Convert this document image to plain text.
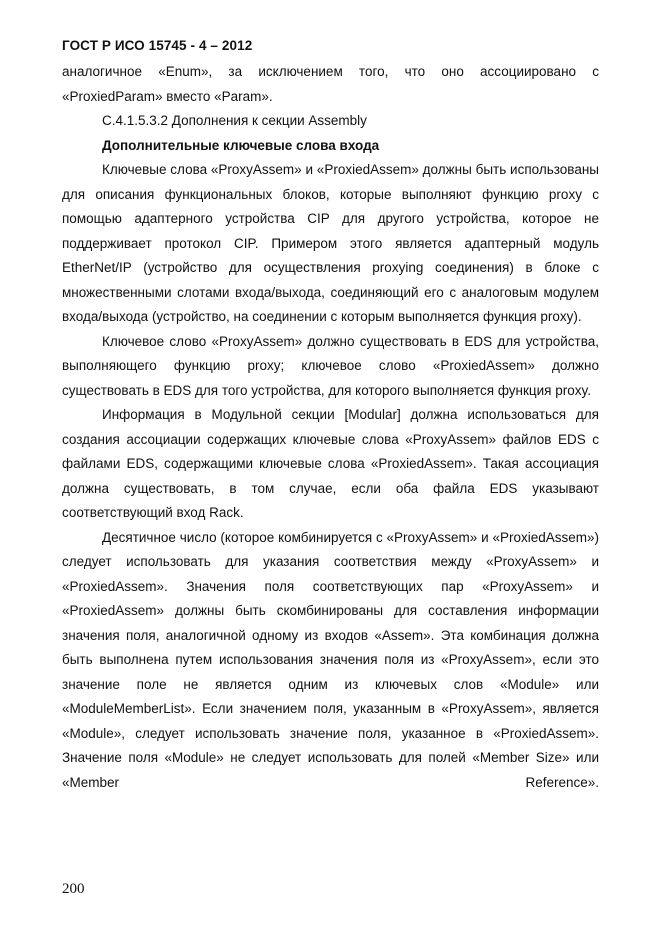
ГОСТ Р ИСО 15745 - 4 – 2012

аналогичное «Enum», за исключением того, что оно ассоциировано с «ProxiedParam» вместо «Param».

C.4.1.5.3.2 Дополнения к секции Assembly

Дополнительные ключевые слова входа

Ключевые слова «ProxyAssem» и «ProxiedAssem» должны быть использованы для описания функциональных блоков, которые выполняют функцию proxy с помощью адаптерного устройства CIP для другого устройства, которое не поддерживает протокол CIP. Примером этого является адаптерный модуль EtherNet/IP (устройство для осуществления proxying соединения) в блоке с множественными слотами входа/выхода, соединяющий его с аналоговым модулем входа/выхода (устройство, на соединении с которым выполняется функция proxy).

Ключевое слово «ProxyAssem» должно существовать в EDS для устройства, выполняющего функцию proxy; ключевое слово «ProxiedAssem» должно существовать в EDS для того устройства, для которого выполняется функция proxy.

Информация в Модульной секции [Modular] должна использоваться для создания ассоциации содержащих ключевые слова «ProxyAssem» файлов EDS с файлами EDS, содержащими ключевые слова «ProxiedAssem». Такая ассоциация должна существовать, в том случае, если оба файла EDS указывают соответствующий вход Rack.

Десятичное число (которое комбинируется с «ProxyAssem» и «ProxiedAssem») следует использовать для указания соответствия между «ProxyAssem» и «ProxiedAssem». Значения поля соответствующих пар «ProxyAssem» и «ProxiedAssem» должны быть скомбинированы для составления информации значения поля, аналогичной одному из входов «Assem». Эта комбинация должна быть выполнена путем использования значения поля из «ProxyAssem», если это значение поле не является одним из ключевых слов «Module» или «ModuleMemberList». Если значением поля, указанным в «ProxyAssem», является «Module», следует использовать значение поля, указанное в «ProxiedAssem». Значение поля «Module» не следует использовать для полей «Member Size» или «Member Reference».

200
